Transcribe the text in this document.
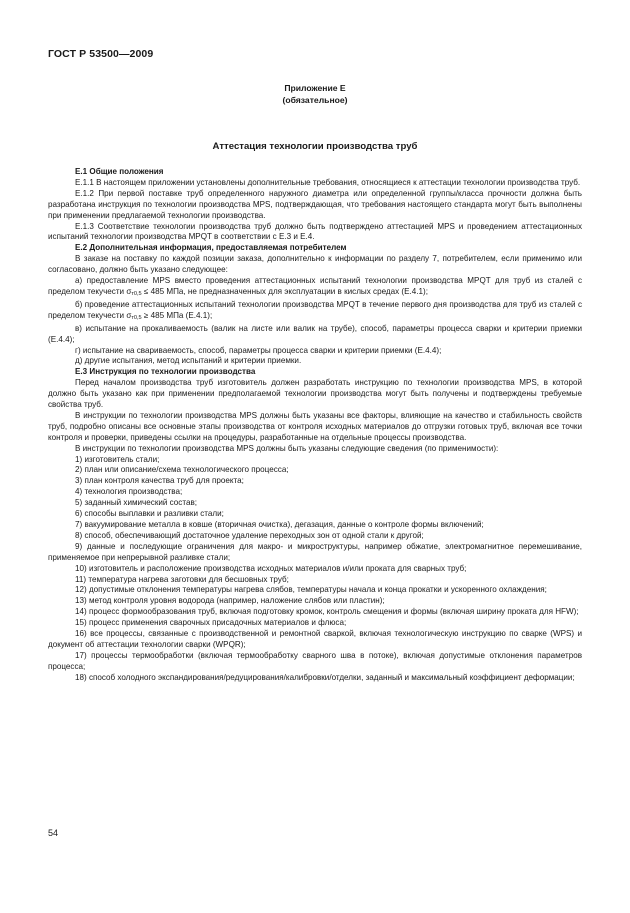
ГОСТ Р 53500—2009
Приложение Е
(обязательное)
Аттестация технологии производства труб

Е.1 Общие положения

Е.1.1 В настоящем приложении установлены дополнительные требования, относящиеся к аттестации технологии производства труб.

Е.1.2 При первой поставке труб определенного наружного диаметра или определенной группы/класса прочности должна быть разработана инструкция по технологии производства MPS, подтверждающая, что требования настоящего стандарта могут быть выполнены при применении предлагаемой технологии производства.

Е.1.3 Соответствие технологии производства труб должно быть подтверждено аттестацией MPS и проведением аттестационных испытаний технологии производства MPQT в соответствии с Е.3 и Е.4.

Е.2 Дополнительная информация, предоставляемая потребителем

В заказе на поставку по каждой позиции заказа, дополнительно к информации по разделу 7, потребителем, если применимо или согласовано, должно быть указано следующее:

а) предоставление MPS вместо проведения аттестационных испытаний технологии производства MPQT для труб из сталей с пределом текучести σт0,5 ≤ 485 МПа, не предназначенных для эксплуатации в кислых средах (Е.4.1);

б) проведение аттестационных испытаний технологии производства MPQT в течение первого дня производства для труб из сталей с пределом текучести σт0,5 ≥ 485 МПа (Е.4.1);

в) испытание на прокаливаемость (валик на листе или валик на трубе), способ, параметры процесса сварки и критерии приемки (Е.4.4);

г) испытание на свариваемость, способ, параметры процесса сварки и критерии приемки (Е.4.4);

д) другие испытания, метод испытаний и критерии приемки.

Е.3 Инструкция по технологии производства

Перед началом производства труб изготовитель должен разработать инструкцию по технологии производства MPS, в которой должно быть указано как при применении предполагаемой технологии производства могут быть получены и подтверждены требуемые свойства труб.

В инструкции по технологии производства MPS должны быть указаны все факторы, влияющие на качество и стабильность свойств труб, подробно описаны все основные этапы производства от контроля исходных материалов до отгрузки готовых труб, включая все точки контроля и проверки, приведены ссылки на процедуры, разработанные на отдельные процессы производства.

В инструкции по технологии производства MPS должны быть указаны следующие сведения (по применимости):

1) изготовитель стали;

2) план или описание/схема технологического процесса;

3) план контроля качества труб для проекта;

4) технология производства;

5) заданный химический состав;

6) способы выплавки и разливки стали;

7) вакуумирование металла в ковше (вторичная очистка), дегазация, данные о контроле формы включений;

8) способ, обеспечивающий достаточное удаление переходных зон от одной стали к другой;

9) данные и последующие ограничения для макро- и микроструктуры, например обжатие, электромагнитное перемешивание, применяемое при непрерывной разливке стали;

10) изготовитель и расположение производства исходных материалов и/или проката для сварных труб;

11) температура нагрева заготовки для бесшовных труб;

12) допустимые отклонения температуры нагрева слябов, температуры начала и конца прокатки и ускоренного охлаждения;

13) метод контроля уровня водорода (например, наложение слябов или пластин);

14) процесс формообразования труб, включая подготовку кромок, контроль смещения и формы (включая ширину проката для HFW);

15) процесс применения сварочных присадочных материалов и флюса;

16) все процессы, связанные с производственной и ремонтной сваркой, включая технологическую инструкцию по сварке (WPS) и документ об аттестации технологии сварки (WPQR);

17) процессы термообработки (включая термообработку сварного шва в потоке), включая допустимые отклонения параметров процесса;

18) способ холодного экспандирования/редуцирования/калибровки/отделки, заданный и максимальный коэффициент деформации;

54
